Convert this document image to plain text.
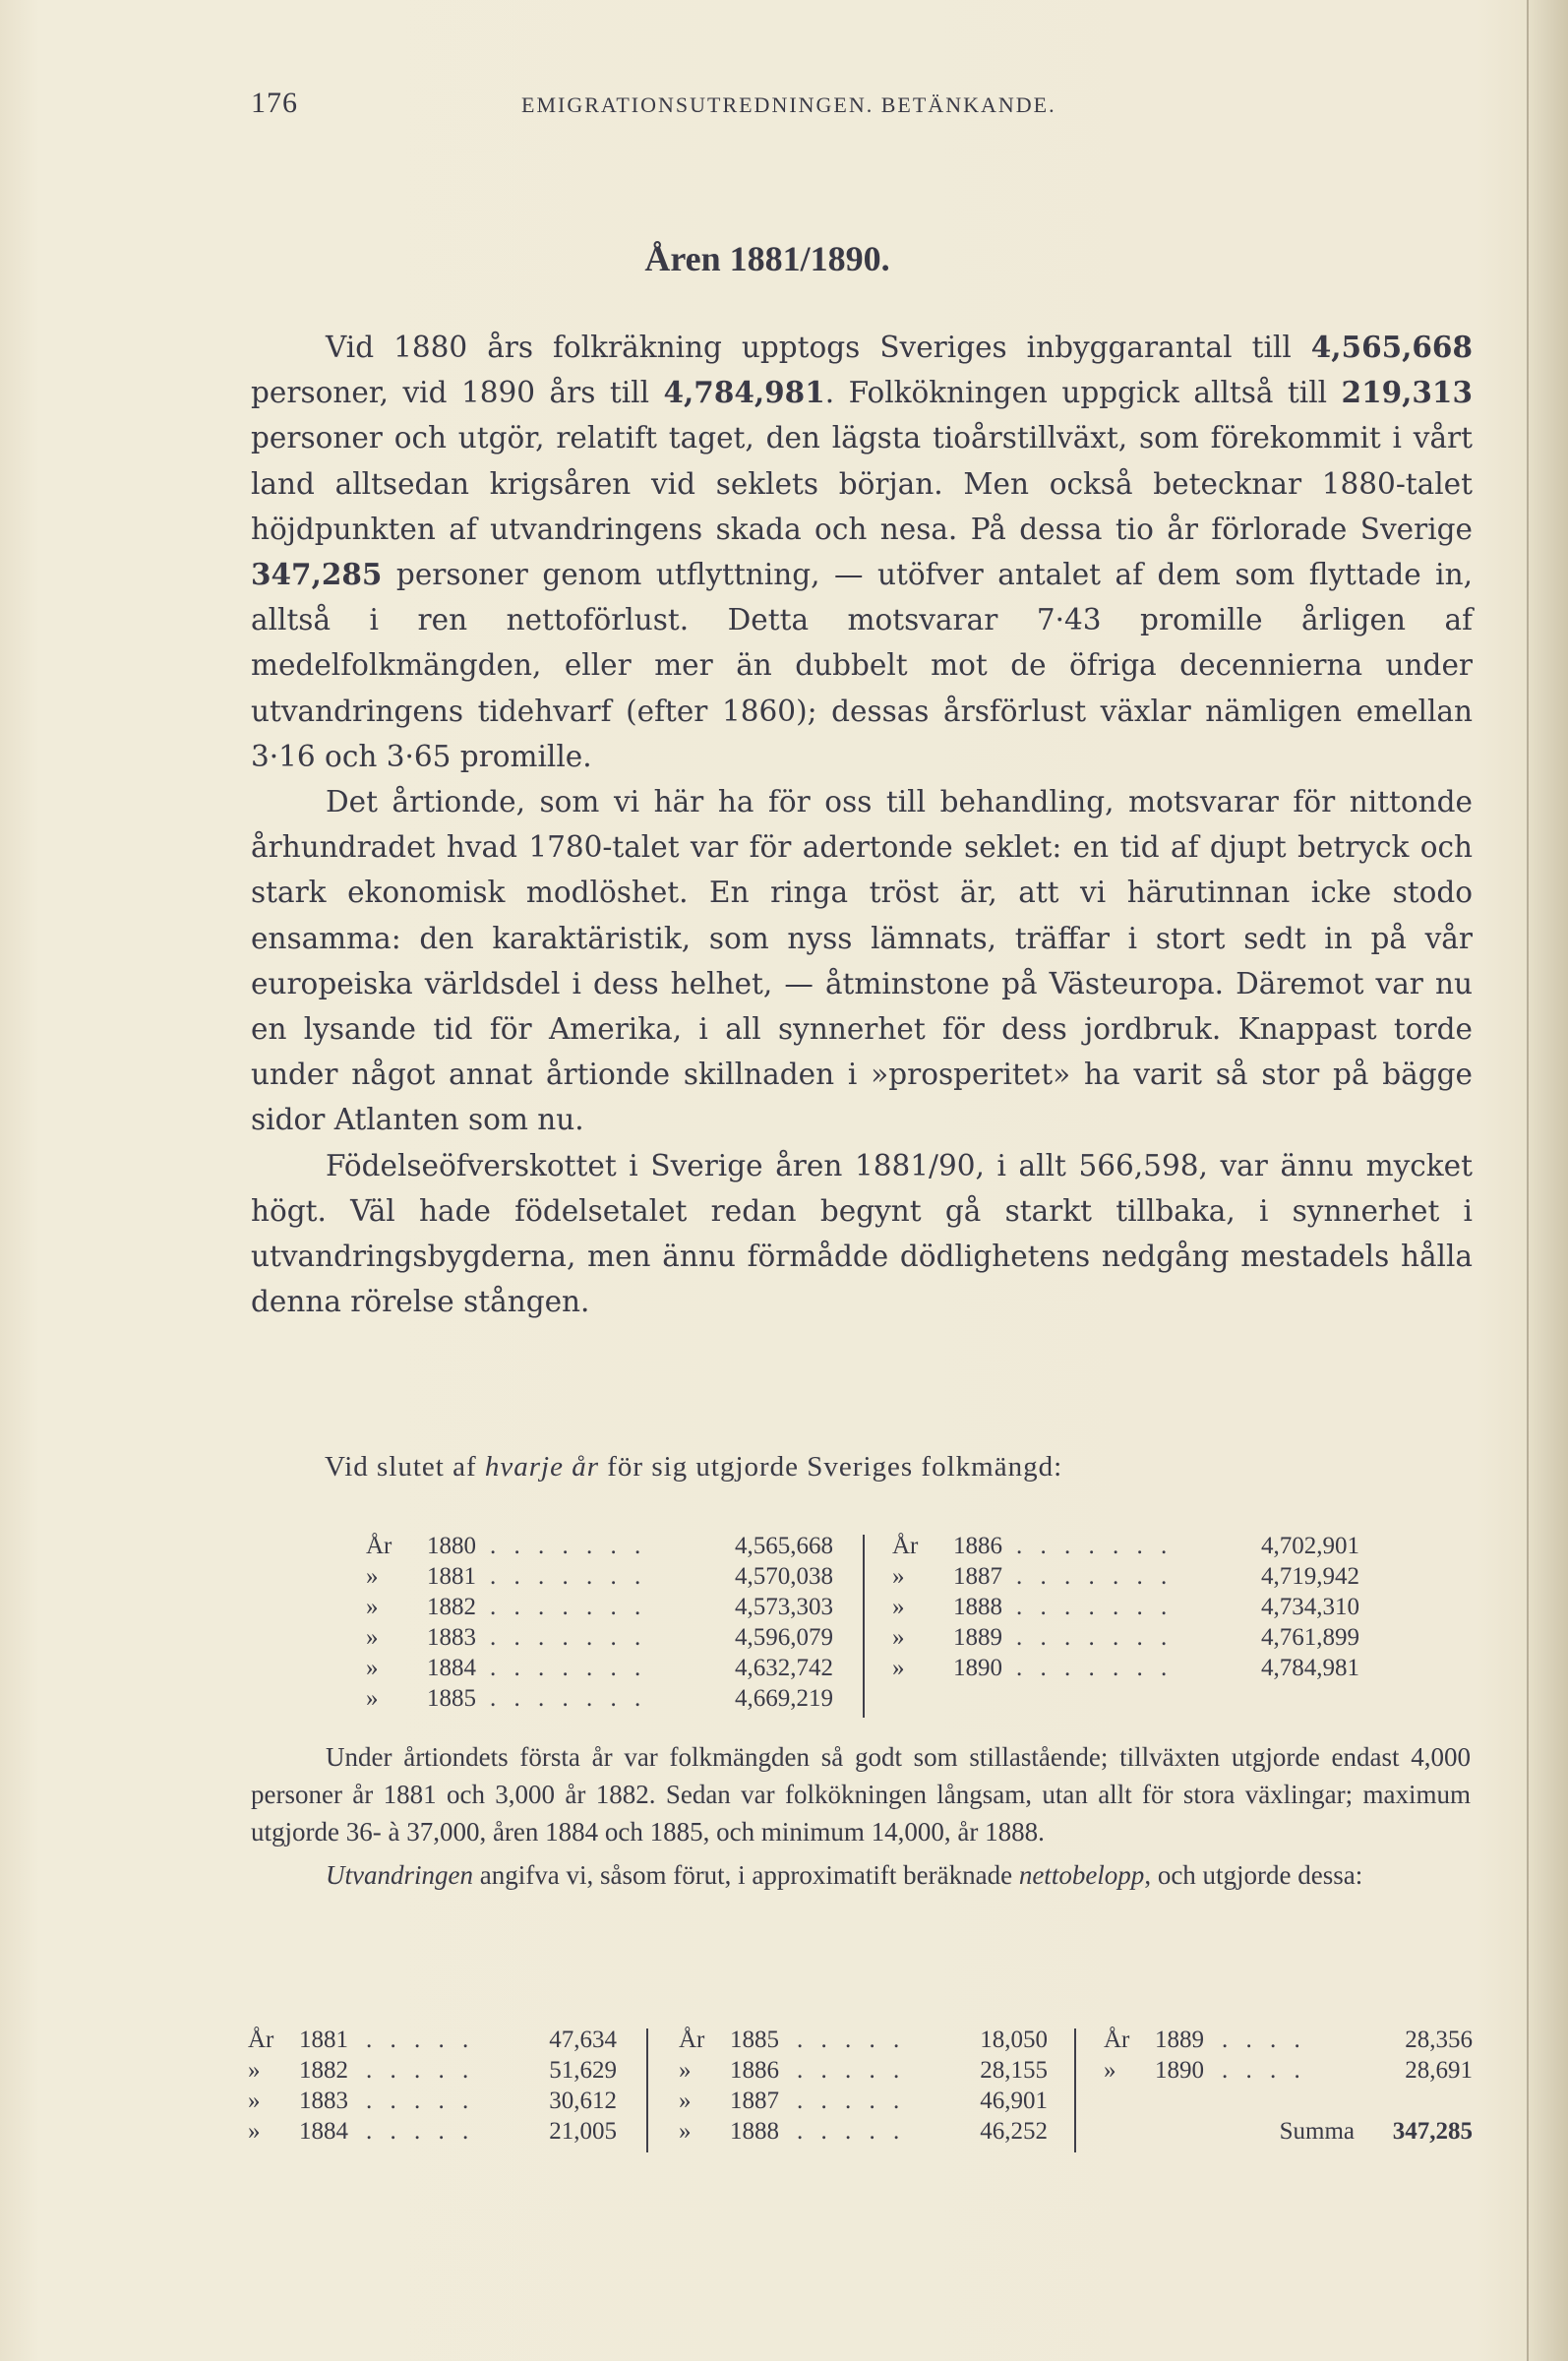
176	EMIGRATIONSUTREDNINGEN. BETÄNKANDE.
Åren 1881/1890.

Vid 1880 års folkräkning upptogs Sveriges inbyggarantal till 4,565,668 personer, vid 1890 års till 4,784,981. Folkökningen uppgick alltså till 219,313 personer och utgör, relatift taget, den lägsta tioårstillväxt, som förekommit i vårt land alltsedan krigsåren vid seklets början. Men också betecknar 1880-talet höjdpunkten af utvandringens skada och nesa. På dessa tio år förlorade Sverige 347,285 personer genom utflyttning, — utöfver antalet af dem som flyttade in, alltså i ren nettoförlust. Detta motsvarar 7·43 promille årligen af medelfolkmängden, eller mer än dubbelt mot de öfriga decennierna under utvandringens tidehvarf (efter 1860); dessas årsförlust växlar nämligen emellan 3·16 och 3·65 promille.

Det årtionde, som vi här ha för oss till behandling, motsvarar för nittonde århundradet hvad 1780-talet var för adertonde seklet: en tid af djupt betryck och stark ekonomisk modlöshet. En ringa tröst är, att vi härutinnan icke stodo ensamma: den karaktäristik, som nyss lämnats, träffar i stort sedt in på vår europeiska världsdel i dess helhet, — åtminstone på Västeuropa. Däremot var nu en lysande tid för Amerika, i all synnerhet för dess jordbruk. Knappast torde under något annat årtionde skillnaden i »prosperitet» ha varit så stor på bägge sidor Atlanten som nu.

Födelseöfverskottet i Sverige åren 1881/90, i allt 566,598, var ännu mycket högt. Väl hade födelsetalet redan begynt gå starkt tillbaka, i synnerhet i utvandringsbygderna, men ännu förmådde dödlighetens nedgång mestadels hålla denna rörelse stången.

Vid slutet af hvarje år för sig utgjorde Sveriges folkmängd:
År	1880 . . . . . . .	4,565,668
»	1881 . . . . . . .	4,570,038
»	1882 . . . . . . .	4,573,303
»	1883 . . . . . . .	4,596,079
»	1884 . . . . . . .	4,632,742
»	1885 . . . . . . .	4,669,219
År	1886 . . . . . . .	4,702,901
»	1887 . . . . . . .	4,719,942
»	1888 . . . . . . .	4,734,310
»	1889 . . . . . . .	4,761,899
»	1890 . . . . . . .	4,784,981

Under årtiondets första år var folkmängden så godt som stillastående; tillväxten utgjorde endast 4,000 personer år 1881 och 3,000 år 1882. Sedan var folkökningen långsam, utan allt för stora växlingar; maximum utgjorde 36- à 37,000, åren 1884 och 1885, och minimum 14,000, år 1888.

Utvandringen angifva vi, såsom förut, i approximatift beräknade nettobelopp, och utgjorde dessa:

År	1881 . . . . .	47,634
»	1882 . . . . .	51,629
»	1883 . . . . .	30,612
»	1884 . . . . .	21,005
År	1885 . . . . .	18,050
»	1886 . . . . .	28,155
»	1887 . . . . .	46,901
»	1888 . . . . .	46,252
År	1889 . . . .	28,356
»	1890 . . . .	28,691
Summa 347,285
